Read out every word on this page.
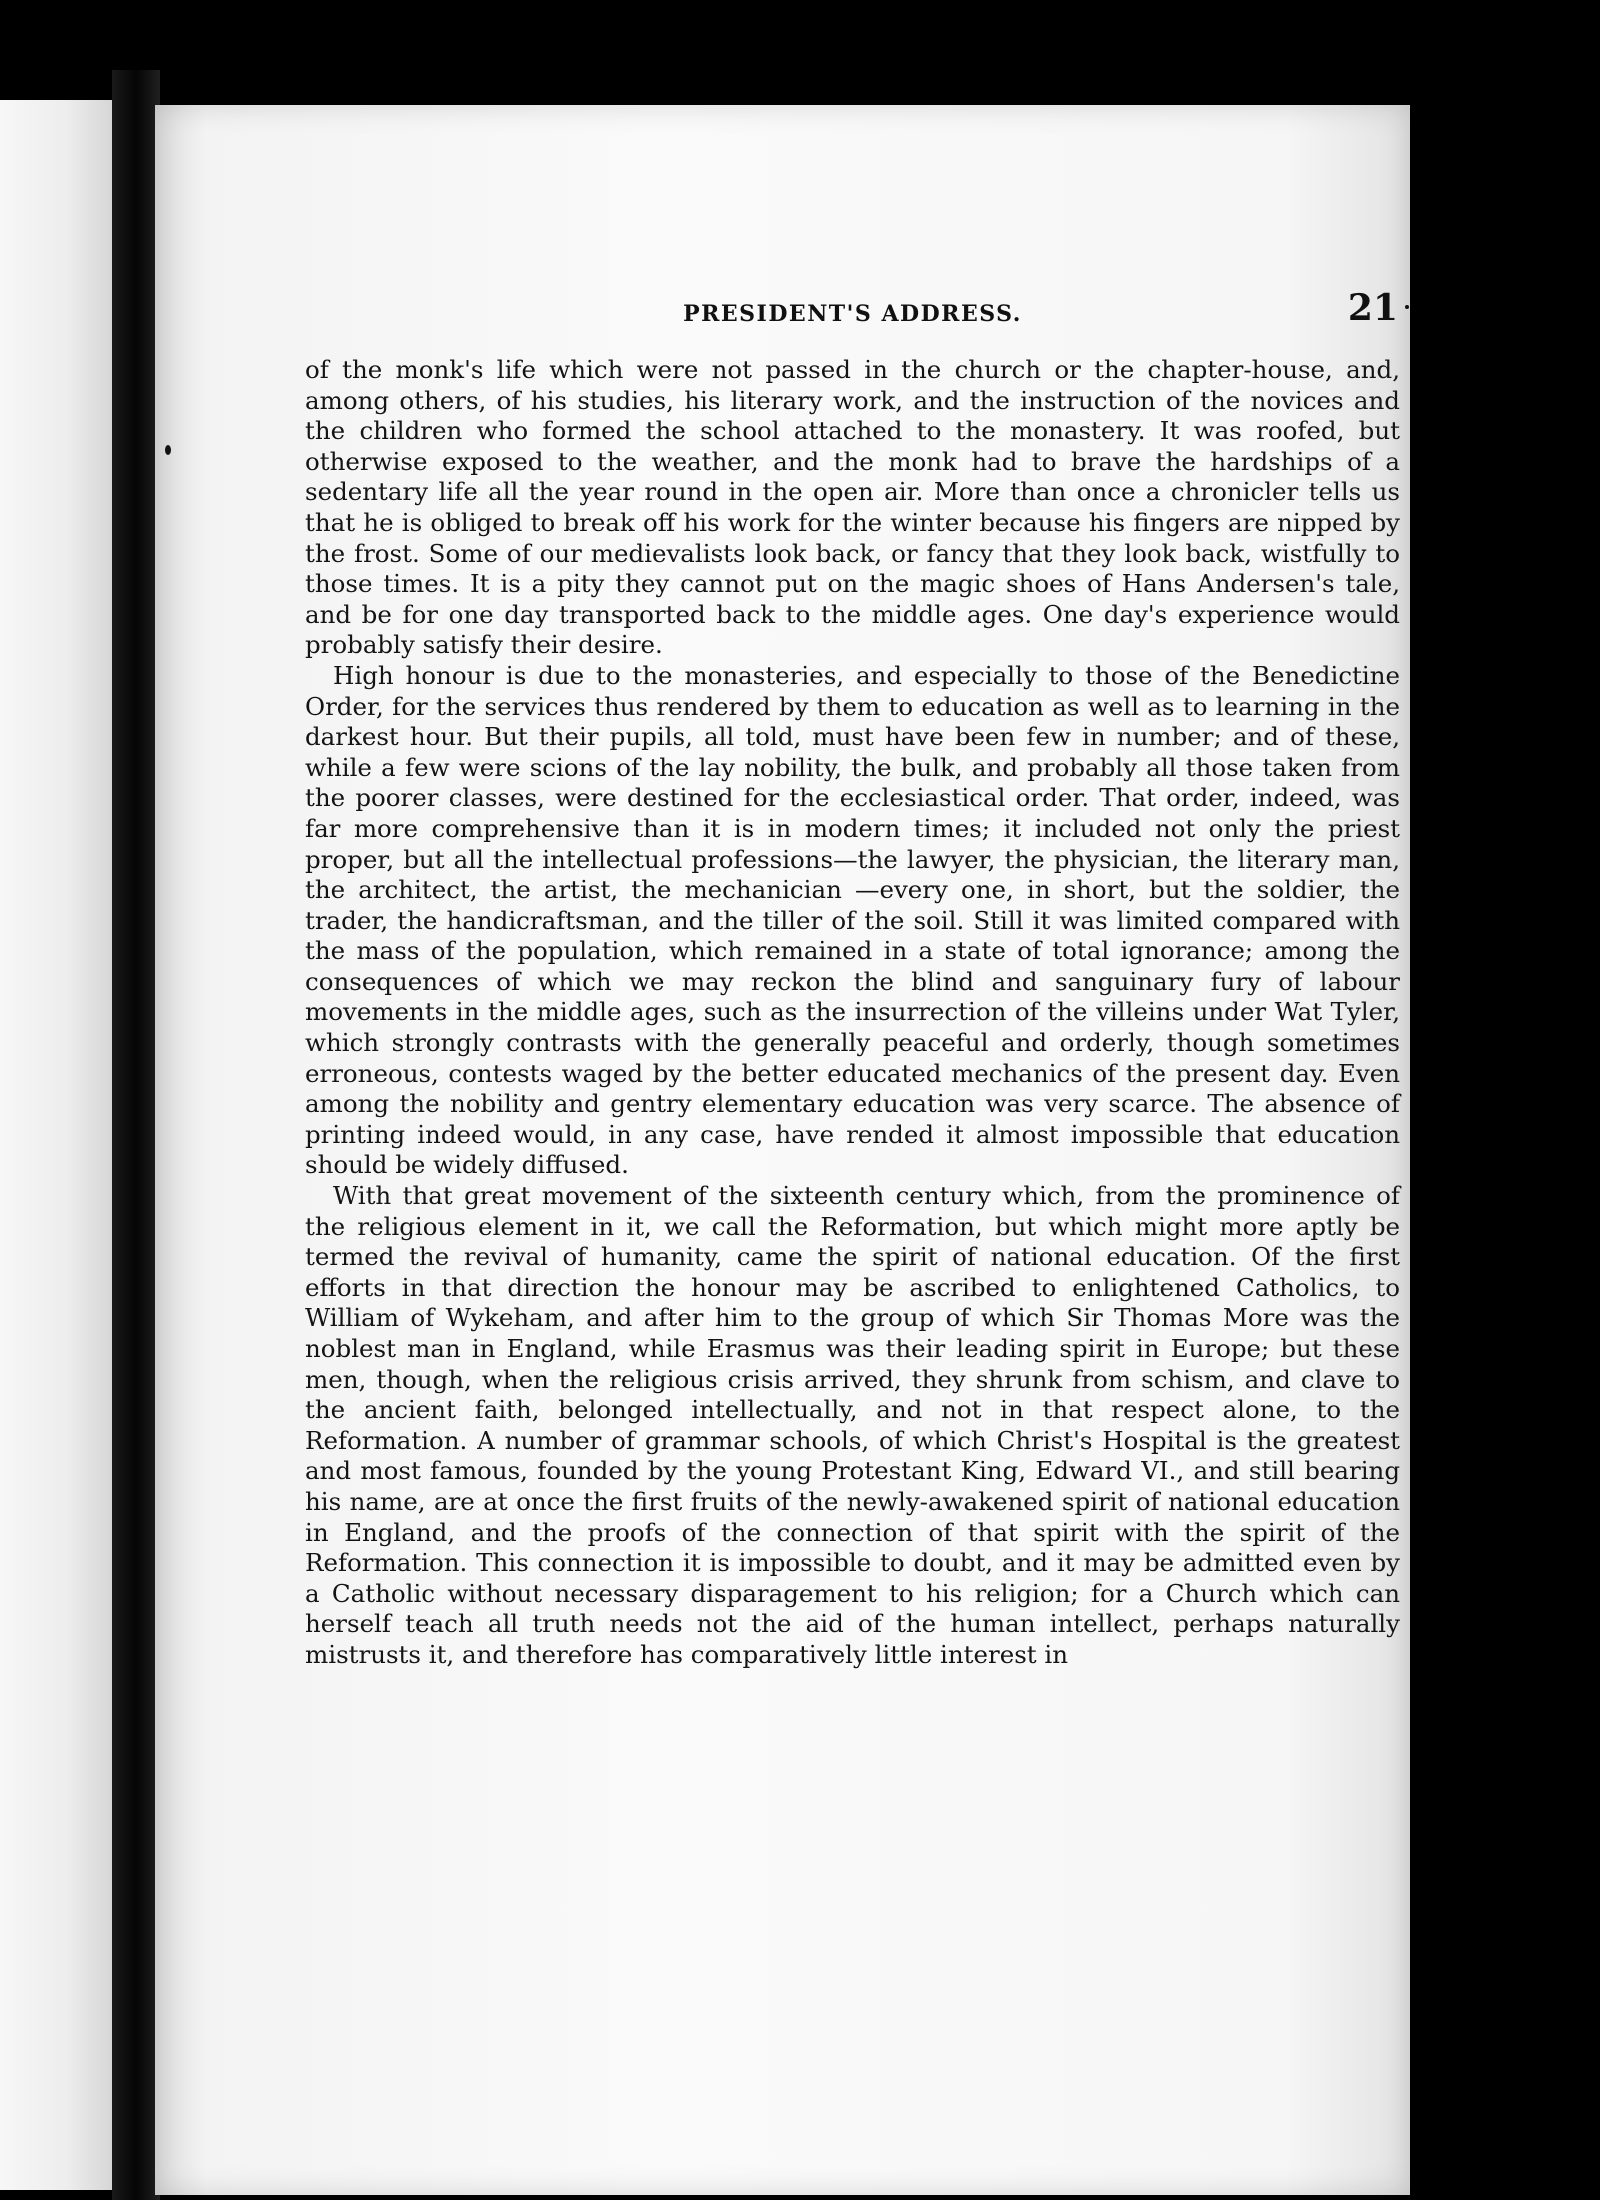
PRESIDENT'S ADDRESS.	21

of the monk's life which were not passed in the church or the chapter-house, and, among others, of his studies, his literary work, and the instruction of the novices and the children who formed the school attached to the monastery. It was roofed, but otherwise exposed to the weather, and the monk had to brave the hardships of a sedentary life all the year round in the open air. More than once a chronicler tells us that he is obliged to break off his work for the winter because his fingers are nipped by the frost. Some of our medievalists look back, or fancy that they look back, wistfully to those times. It is a pity they cannot put on the magic shoes of Hans Andersen's tale, and be for one day transported back to the middle ages. One day's experience would probably satisfy their desire.

High honour is due to the monasteries, and especially to those of the Benedictine Order, for the services thus rendered by them to education as well as to learning in the darkest hour. But their pupils, all told, must have been few in number; and of these, while a few were scions of the lay nobility, the bulk, and probably all those taken from the poorer classes, were destined for the ecclesiastical order. That order, indeed, was far more comprehensive than it is in modern times; it included not only the priest proper, but all the intellectual professions—the lawyer, the physician, the literary man, the architect, the artist, the mechanician —every one, in short, but the soldier, the trader, the handicraftsman, and the tiller of the soil. Still it was limited compared with the mass of the population, which remained in a state of total ignorance; among the consequences of which we may reckon the blind and sanguinary fury of labour movements in the middle ages, such as the insurrection of the villeins under Wat Tyler, which strongly contrasts with the generally peaceful and orderly, though sometimes erroneous, contests waged by the better educated mechanics of the present day. Even among the nobility and gentry elementary education was very scarce. The absence of printing indeed would, in any case, have rended it almost impossible that education should be widely diffused.

With that great movement of the sixteenth century which, from the prominence of the religious element in it, we call the Reformation, but which might more aptly be termed the revival of humanity, came the spirit of national education. Of the first efforts in that direction the honour may be ascribed to enlightened Catholics, to William of Wykeham, and after him to the group of which Sir Thomas More was the noblest man in England, while Erasmus was their leading spirit in Europe; but these men, though, when the religious crisis arrived, they shrunk from schism, and clave to the ancient faith, belonged intellectually, and not in that respect alone, to the Reformation. A number of grammar schools, of which Christ's Hospital is the greatest and most famous, founded by the young Protestant King, Edward VI., and still bearing his name, are at once the first fruits of the newly-awakened spirit of national education in England, and the proofs of the connection of that spirit with the spirit of the Reformation. This connection it is impossible to doubt, and it may be admitted even by a Catholic without necessary disparagement to his religion; for a Church which can herself teach all truth needs not the aid of the human intellect, perhaps naturally mistrusts it, and therefore has comparatively little interest in
